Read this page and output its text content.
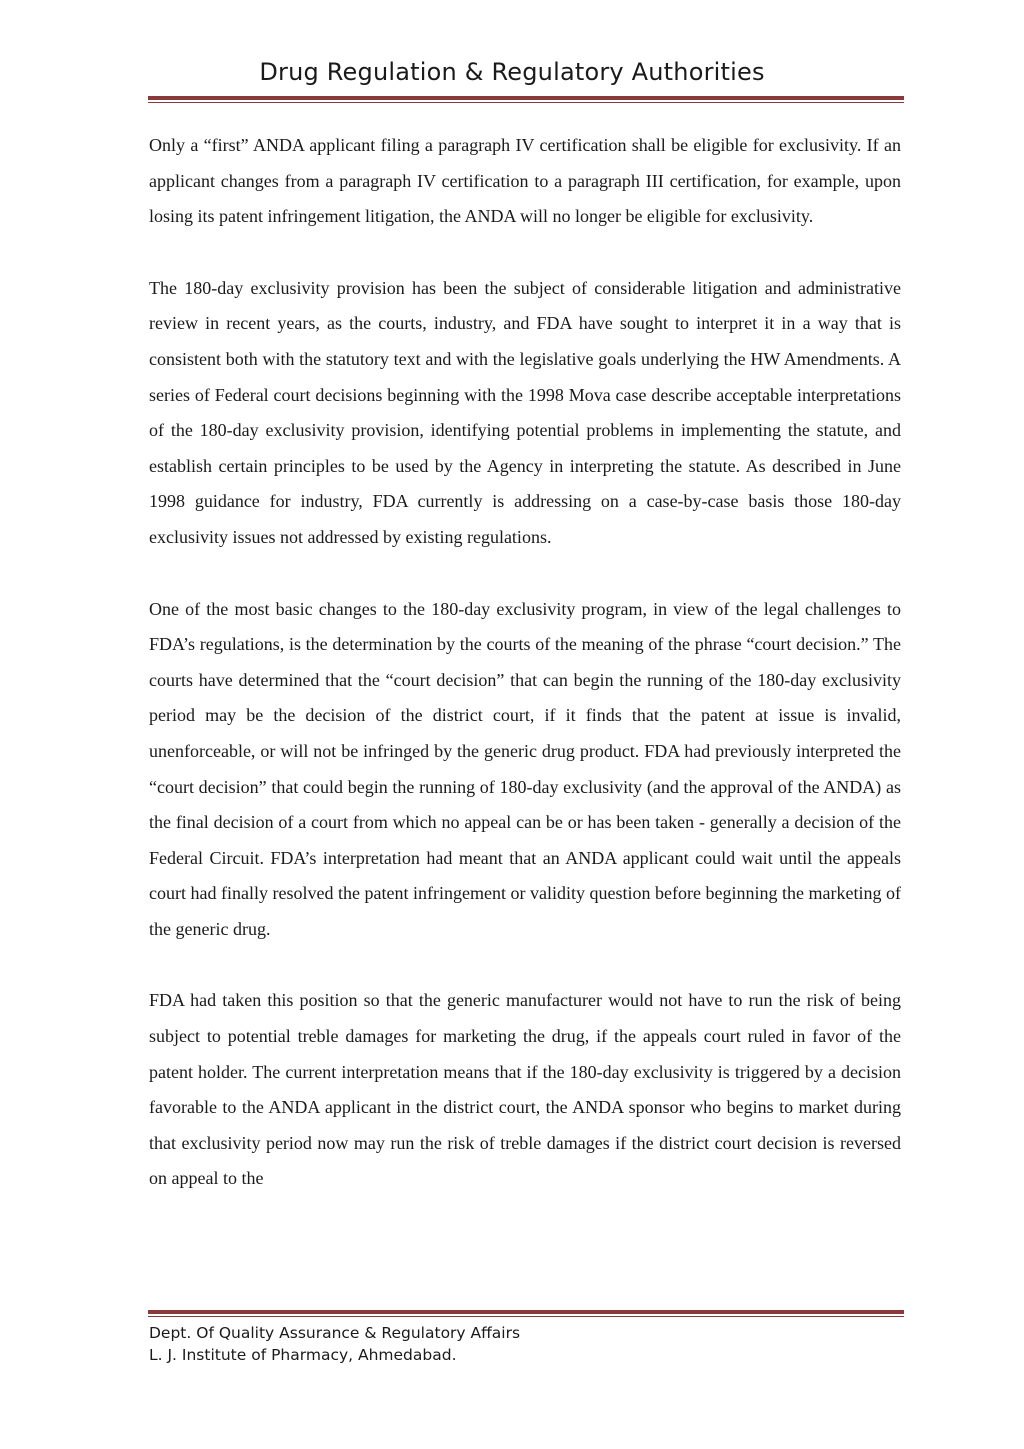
Drug Regulation & Regulatory Authorities

Only a “first” ANDA applicant filing a paragraph IV certification shall be eligible for exclusivity. If an applicant changes from a paragraph IV certification to a paragraph III certification, for example, upon losing its patent infringement litigation, the ANDA will no longer be eligible for exclusivity.

The 180-day exclusivity provision has been the subject of considerable litigation and administrative review in recent years, as the courts, industry, and FDA have sought to interpret it in a way that is consistent both with the statutory text and with the legislative goals underlying the HW Amendments. A series of Federal court decisions beginning with the 1998 Mova case describe acceptable interpretations of the 180-day exclusivity provision, identifying potential problems in implementing the statute, and establish certain principles to be used by the Agency in interpreting the statute. As described in June 1998 guidance for industry, FDA currently is addressing on a case-by-case basis those 180-day exclusivity issues not addressed by existing regulations.

One of the most basic changes to the 180-day exclusivity program, in view of the legal challenges to FDA’s regulations, is the determination by the courts of the meaning of the phrase “court decision.” The courts have determined that the “court decision” that can begin the running of the 180-day exclusivity period may be the decision of the district court, if it finds that the patent at issue is invalid, unenforceable, or will not be infringed by the generic drug product. FDA had previously interpreted the “court decision” that could begin the running of 180-day exclusivity (and the approval of the ANDA) as the final decision of a court from which no appeal can be or has been taken - generally a decision of the Federal Circuit. FDA’s interpretation had meant that an ANDA applicant could wait until the appeals court had finally resolved the patent infringement or validity question before beginning the marketing of the generic drug.

FDA had taken this position so that the generic manufacturer would not have to run the risk of being subject to potential treble damages for marketing the drug, if the appeals court ruled in favor of the patent holder. The current interpretation means that if the 180-day exclusivity is triggered by a decision favorable to the ANDA applicant in the district court, the ANDA sponsor who begins to market during that exclusivity period now may run the risk of treble damages if the district court decision is reversed on appeal to the

Dept. Of Quality Assurance & Regulatory Affairs
L. J. Institute of Pharmacy, Ahmedabad.
